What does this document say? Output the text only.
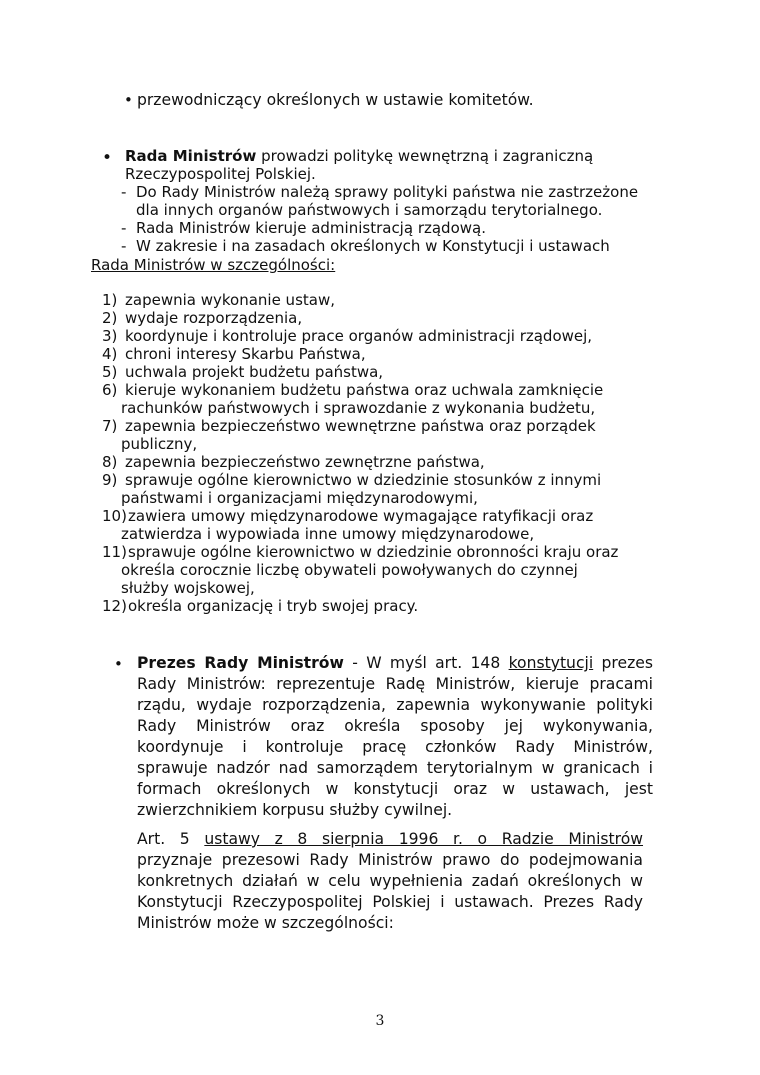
• przewodniczący określonych w ustawie komitetów.
• Rada Ministrów prowadzi politykę wewnętrzną i zagraniczną
Rzeczypospolitej Polskiej.
- Do Rady Ministrów należą sprawy polityki państwa nie zastrzeżone
dla innych organów państwowych i samorządu terytorialnego.
- Rada Ministrów kieruje administracją rządową.
- W zakresie i na zasadach określonych w Konstytucji i ustawach
Rada Ministrów w szczególności:
1) zapewnia wykonanie ustaw,
2) wydaje rozporządzenia,
3) koordynuje i kontroluje prace organów administracji rządowej,
4) chroni interesy Skarbu Państwa,
5) uchwala projekt budżetu państwa,
6) kieruje wykonaniem budżetu państwa oraz uchwala zamknięcie
rachunków państwowych i sprawozdanie z wykonania budżetu,
7) zapewnia bezpieczeństwo wewnętrzne państwa oraz porządek
publiczny,
8) zapewnia bezpieczeństwo zewnętrzne państwa,
9) sprawuje ogólne kierownictwo w dziedzinie stosunków z innymi
państwami i organizacjami międzynarodowymi,
10) zawiera umowy międzynarodowe wymagające ratyfikacji oraz
zatwierdza i wypowiada inne umowy międzynarodowe,
11) sprawuje ogólne kierownictwo w dziedzinie obronności kraju oraz
określa corocznie liczbę obywateli powoływanych do czynnej
służby wojskowej,
12) określa organizację i tryb swojej pracy.
• Prezes Rady Ministrów - W myśl art. 148 konstytucji prezes
Rady Ministrów: reprezentuje Radę Ministrów, kieruje pracami
rządu, wydaje rozporządzenia, zapewnia wykonywanie polityki
Rady Ministrów oraz określa sposoby jej wykonywania,
koordynuje i kontroluje pracę członków Rady Ministrów,
sprawuje nadzór nad samorządem terytorialnym w granicach i
formach określonych w konstytucji oraz w ustawach, jest
zwierzchnikiem korpusu służby cywilnej.
Art. 5 ustawy z 8 sierpnia 1996 r. o Radzie Ministrów
przyznaje prezesowi Rady Ministrów prawo do podejmowania
konkretnych działań w celu wypełnienia zadań określonych w
Konstytucji Rzeczypospolitej Polskiej i ustawach. Prezes Rady
Ministrów może w szczególności:
3
